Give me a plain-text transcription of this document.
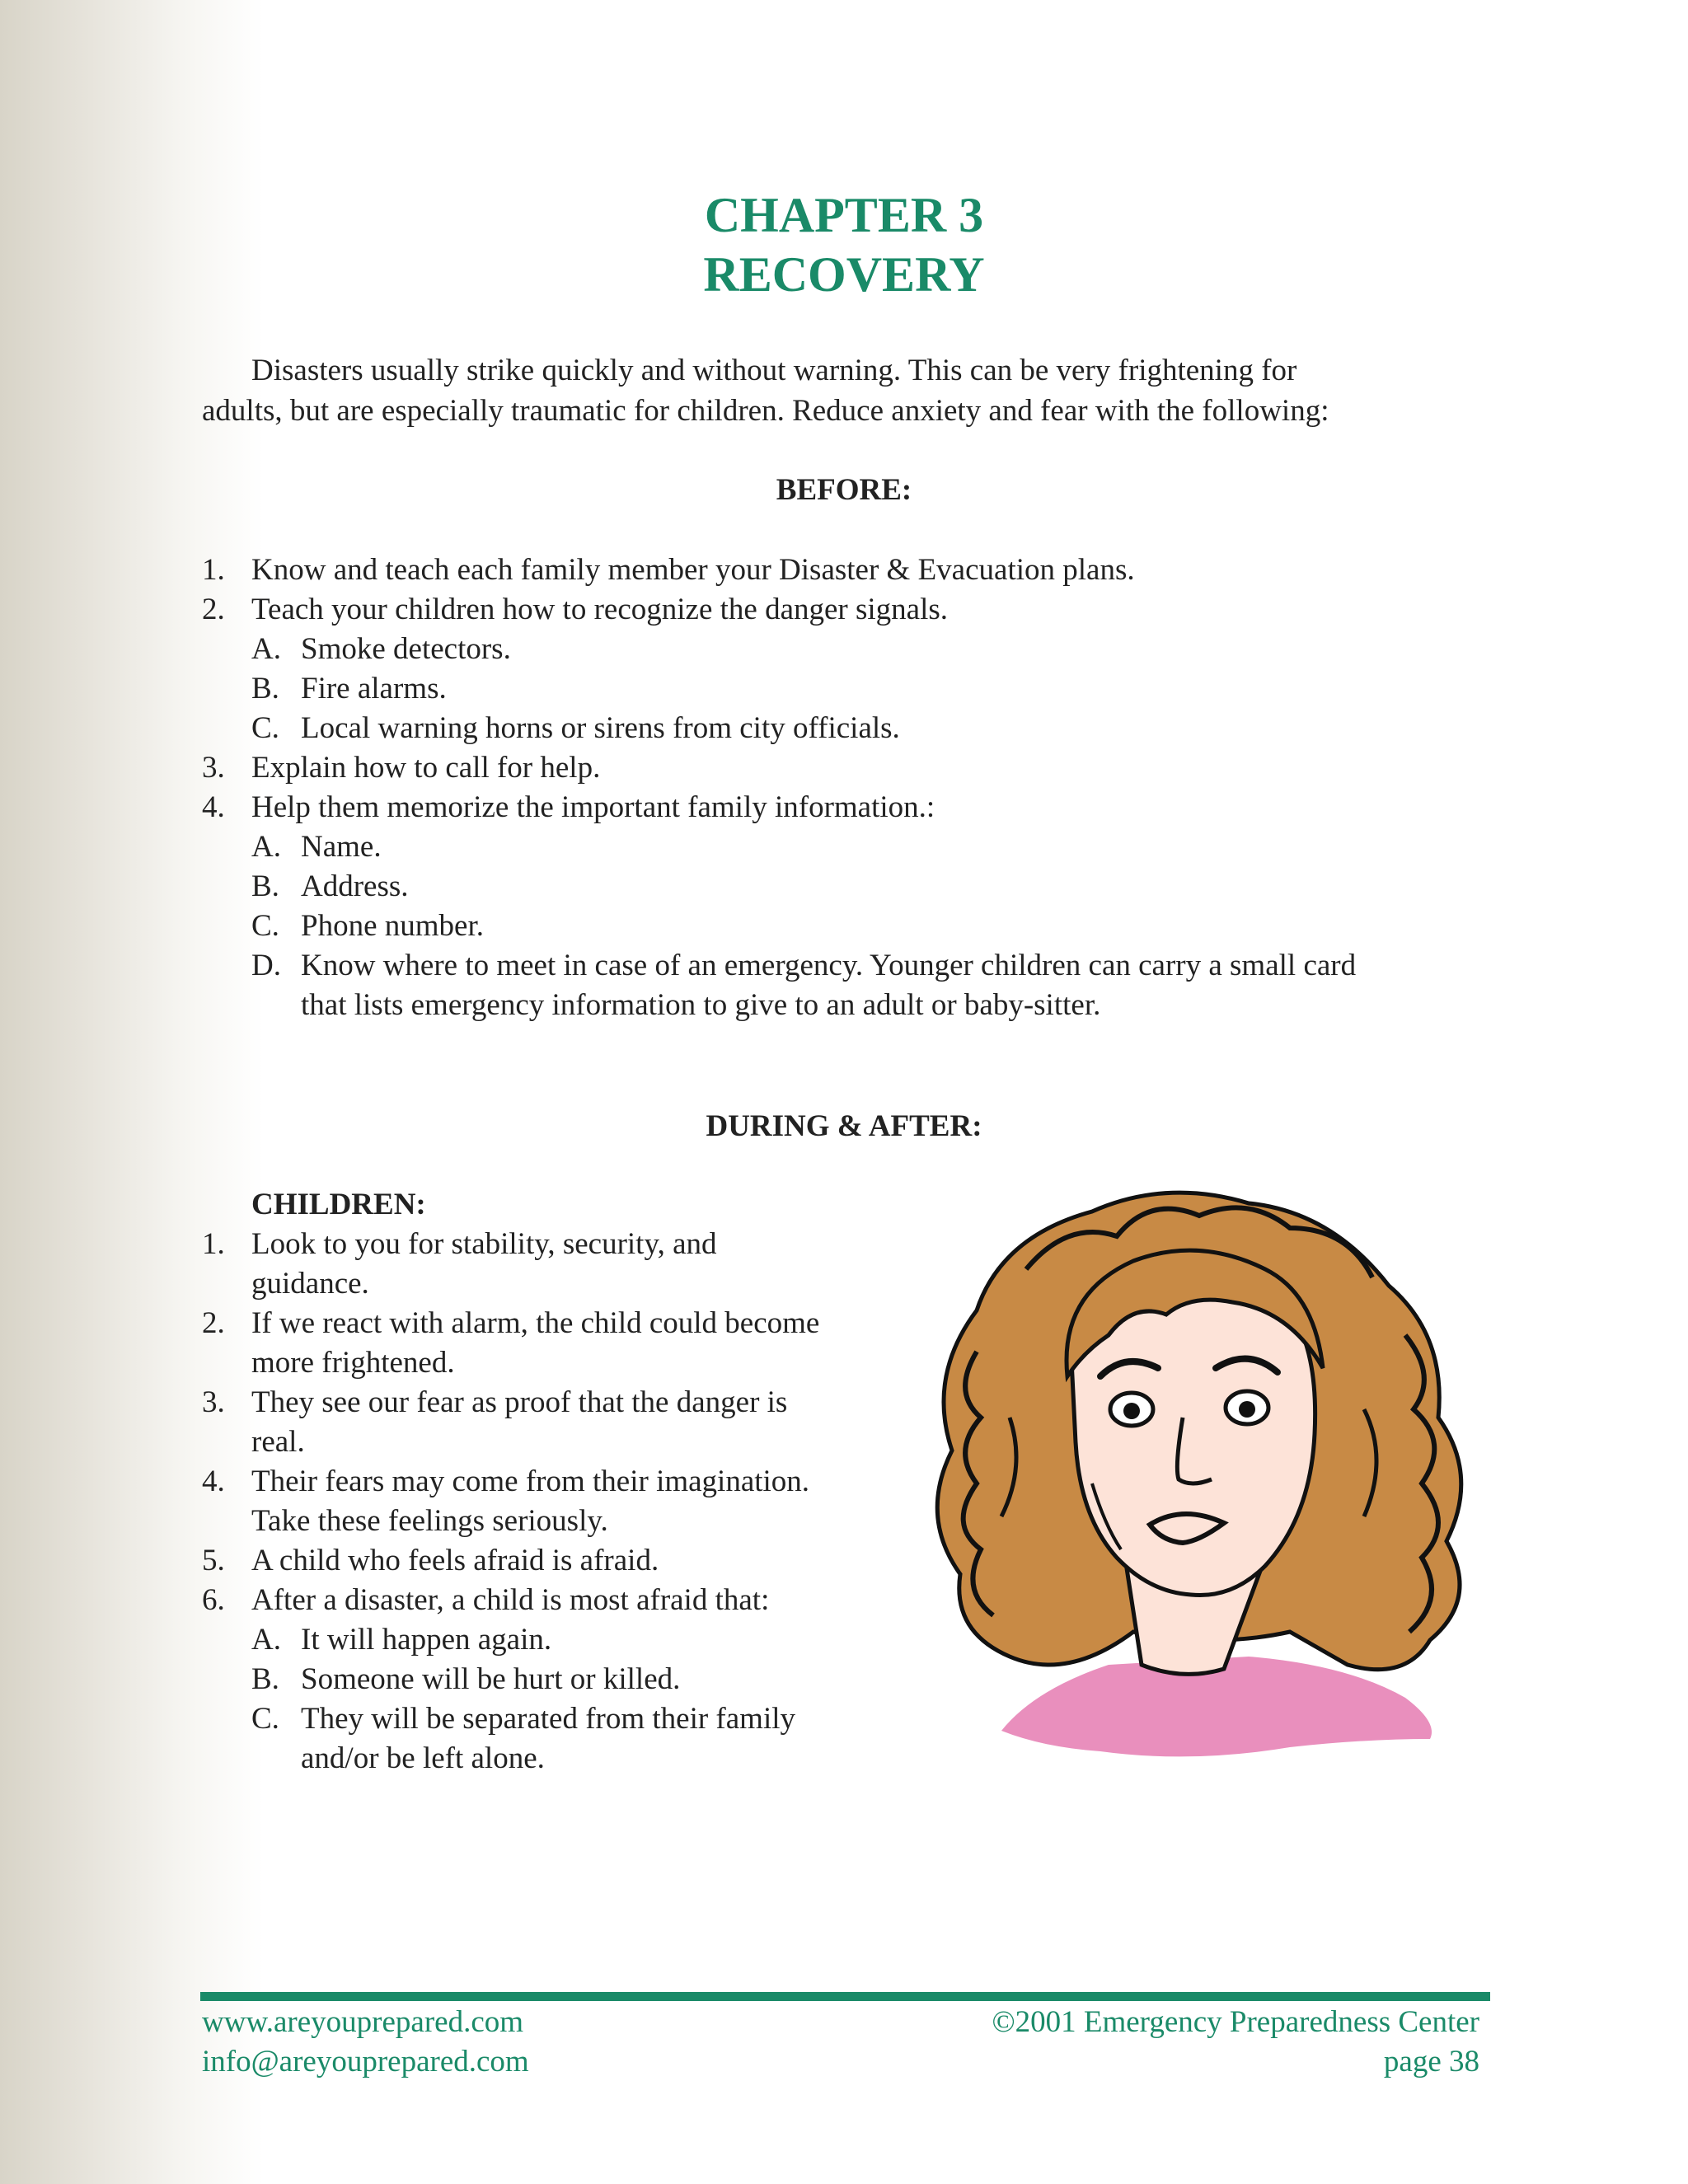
CHAPTER 3
RECOVERY
Disasters usually strike quickly and without warning. This can be very frightening for
adults, but are especially traumatic for children. Reduce anxiety and fear with the following:
BEFORE:
1. Know and teach each family member your Disaster & Evacuation plans.
2. Teach your children how to recognize the danger signals.
A. Smoke detectors.
B. Fire alarms.
C. Local warning horns or sirens from city officials.
3. Explain how to call for help.
4. Help them memorize the important family information.:
A. Name.
B. Address.
C. Phone number.
D. Know where to meet in case of an emergency. Younger children can carry a small card
that lists emergency information to give to an adult or baby-sitter.
DURING & AFTER:
CHILDREN:
1. Look to you for stability, security, and
guidance.
2. If we react with alarm, the child could become
more frightened.
3. They see our fear as proof that the danger is
real.
4. Their fears may come from their imagination.
Take these feelings seriously.
5. A child who feels afraid is afraid.
6. After a disaster, a child is most afraid that:
A. It will happen again.
B. Someone will be hurt or killed.
C. They will be separated from their family
and/or be left alone.
www.areyouprepared.com
info@areyouprepared.com
©2001 Emergency Preparedness Center
page 38
